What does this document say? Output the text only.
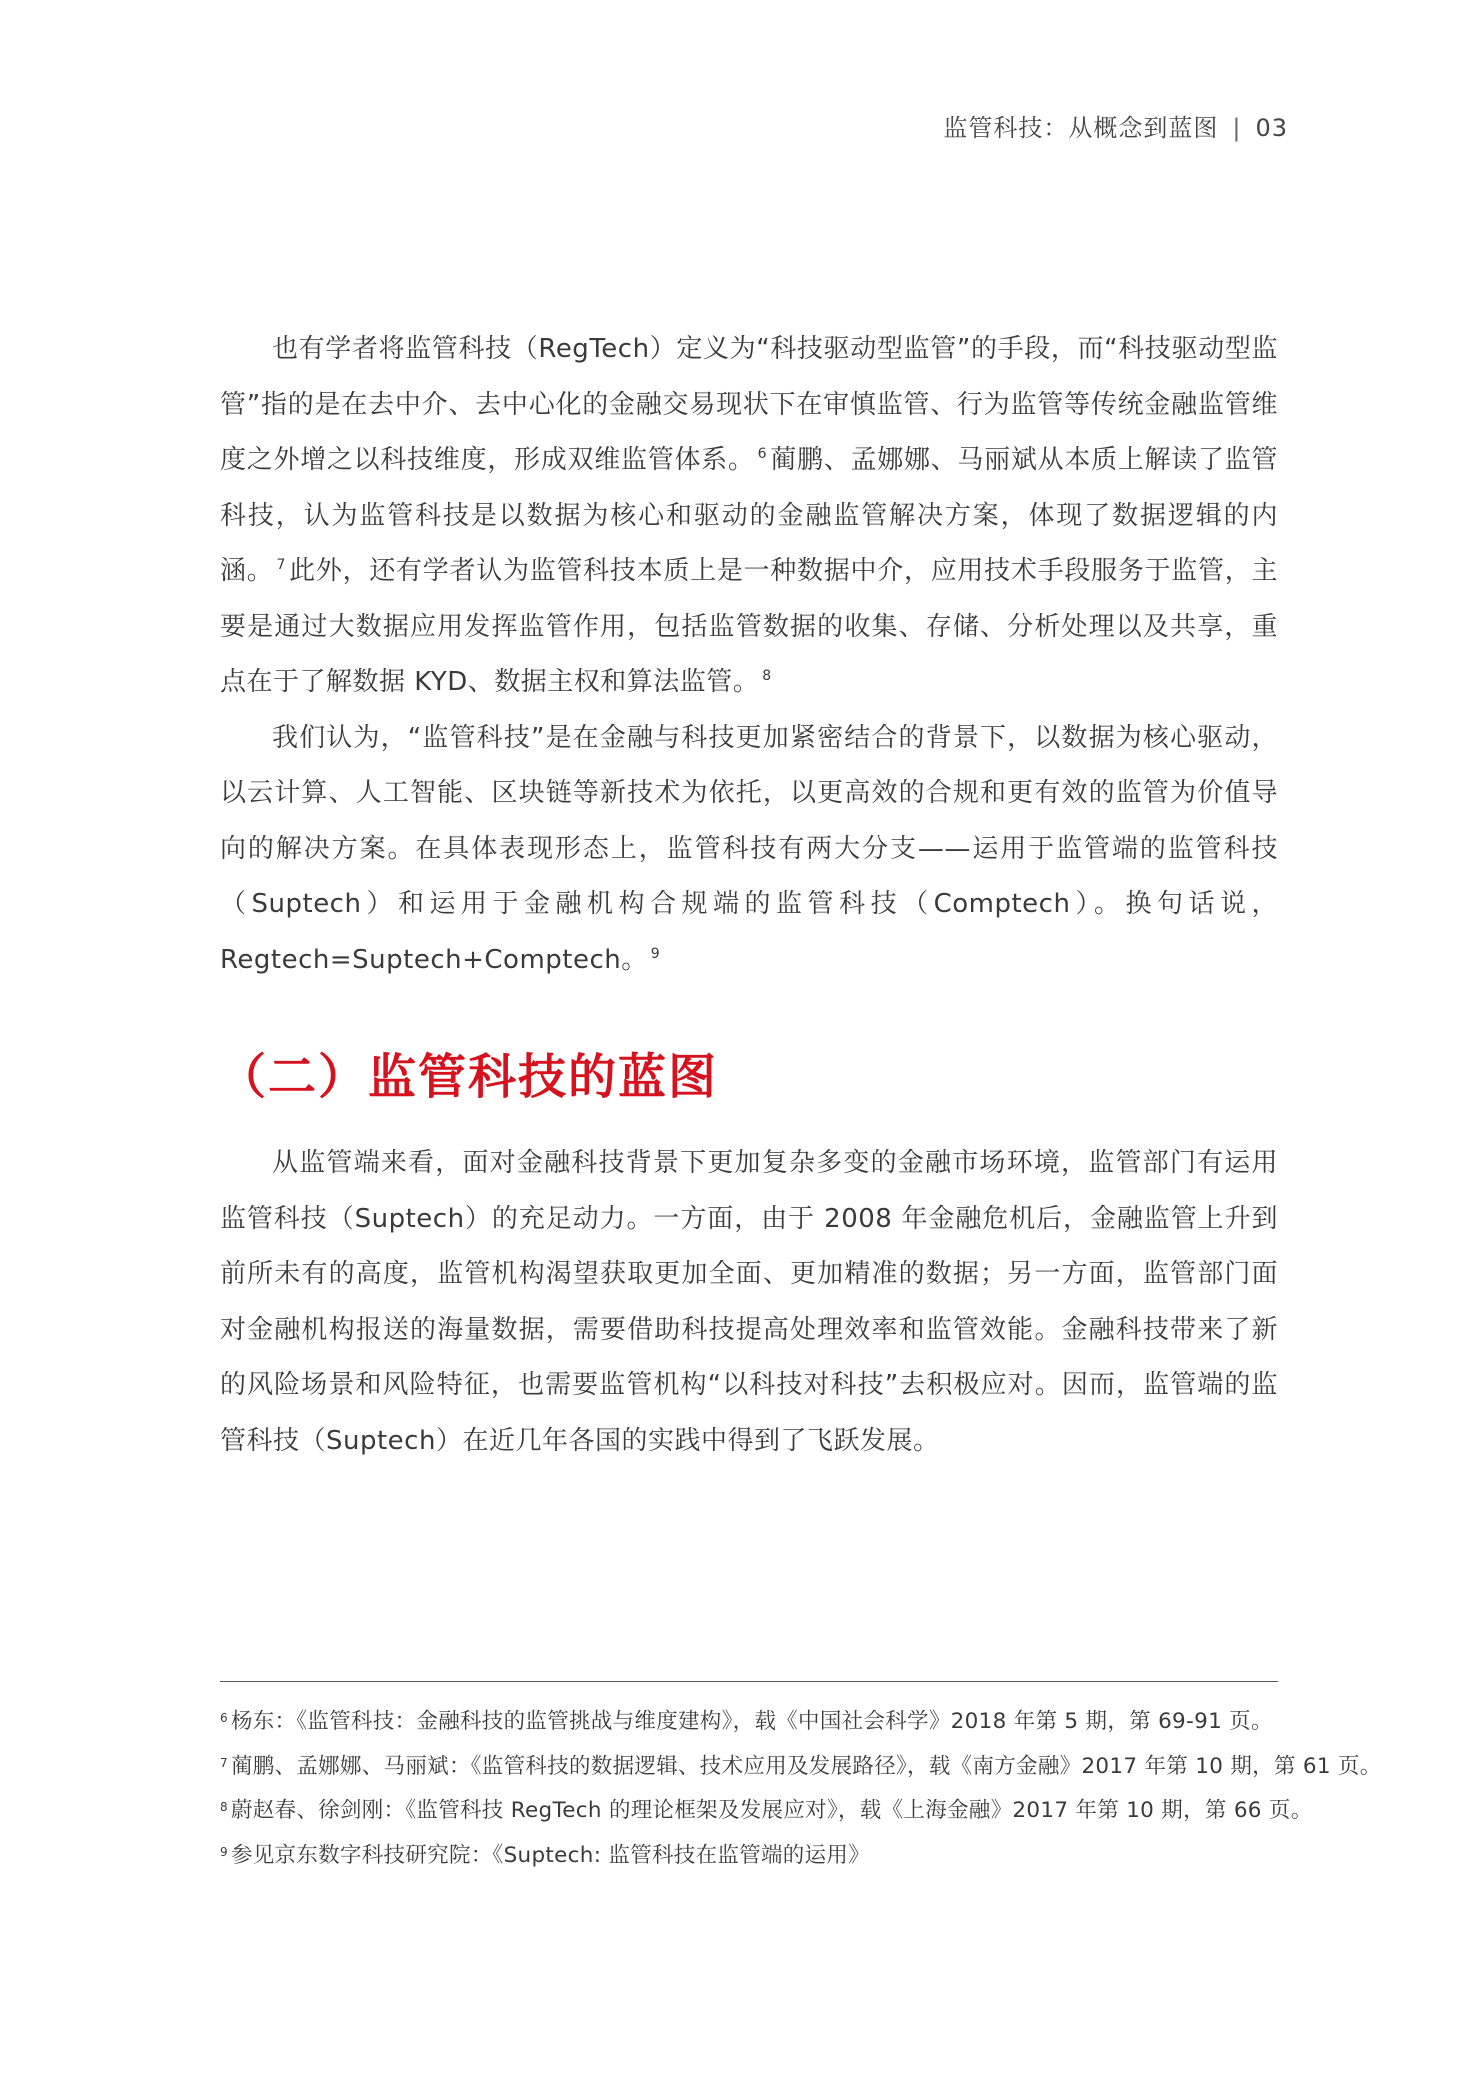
监管科技：从概念到蓝图 | 03

也有学者将监管科技（RegTech）定义为“科技驱动型监管”的手段，而“科技驱动型监管”指的是在去中介、去中心化的金融交易现状下在审慎监管、行为监管等传统金融监管维度之外增之以科技维度，形成双维监管体系。 $^6$ 蔺鹏、孟娜娜、马丽斌从本质上解读了监管科技，认为监管科技是以数据为核心和驱动的金融监管解决方案，体现了数据逻辑的内涵。 $^7$ 此外，还有学者认为监管科技本质上是一种数据中介，应用技术手段服务于监管，主要是通过大数据应用发挥监管作用，包括监管数据的收集、存储、分析处理以及共享，重点在于了解数据 KYD、数据主权和算法监管。 $^8$

我们认为，“监管科技”是在金融与科技更加紧密结合的背景下，以数据为核心驱动，以云计算、人工智能、区块链等新技术为依托，以更高效的合规和更有效的监管为价值导向的解决方案。在具体表现形态上，监管科技有两大分支——运用于监管端的监管科技（Suptech）和运用于金融机构合规端的监管科技（Comptech）。换句话说，Regtech=Suptech+Comptech。 $^9$

（二）监管科技的蓝图

从监管端来看，面对金融科技背景下更加复杂多变的金融市场环境，监管部门有运用监管科技（Suptech）的充足动力。一方面，由于 2008 年金融危机后，金融监管上升到前所未有的高度，监管机构渴望获取更加全面、更加精准的数据；另一方面，监管部门面对金融机构报送的海量数据，需要借助科技提高处理效率和监管效能。金融科技带来了新的风险场景和风险特征，也需要监管机构“以科技对科技”去积极应对。因而，监管端的监管科技（Suptech）在近几年各国的实践中得到了飞跃发展。

$^6$ 杨东：《监管科技：金融科技的监管挑战与维度建构》，载《中国社会科学》2018 年第 5 期，第 69-91 页。
$^7$ 蔺鹏、孟娜娜、马丽斌：《监管科技的数据逻辑、技术应用及发展路径》，载《南方金融》2017 年第 10 期，第 61 页。
$^8$ 蔚赵春、徐剑刚：《监管科技 RegTech 的理论框架及发展应对》，载《上海金融》2017 年第 10 期，第 66 页。
$^9$ 参见京东数字科技研究院：《Suptech: 监管科技在监管端的运用》
